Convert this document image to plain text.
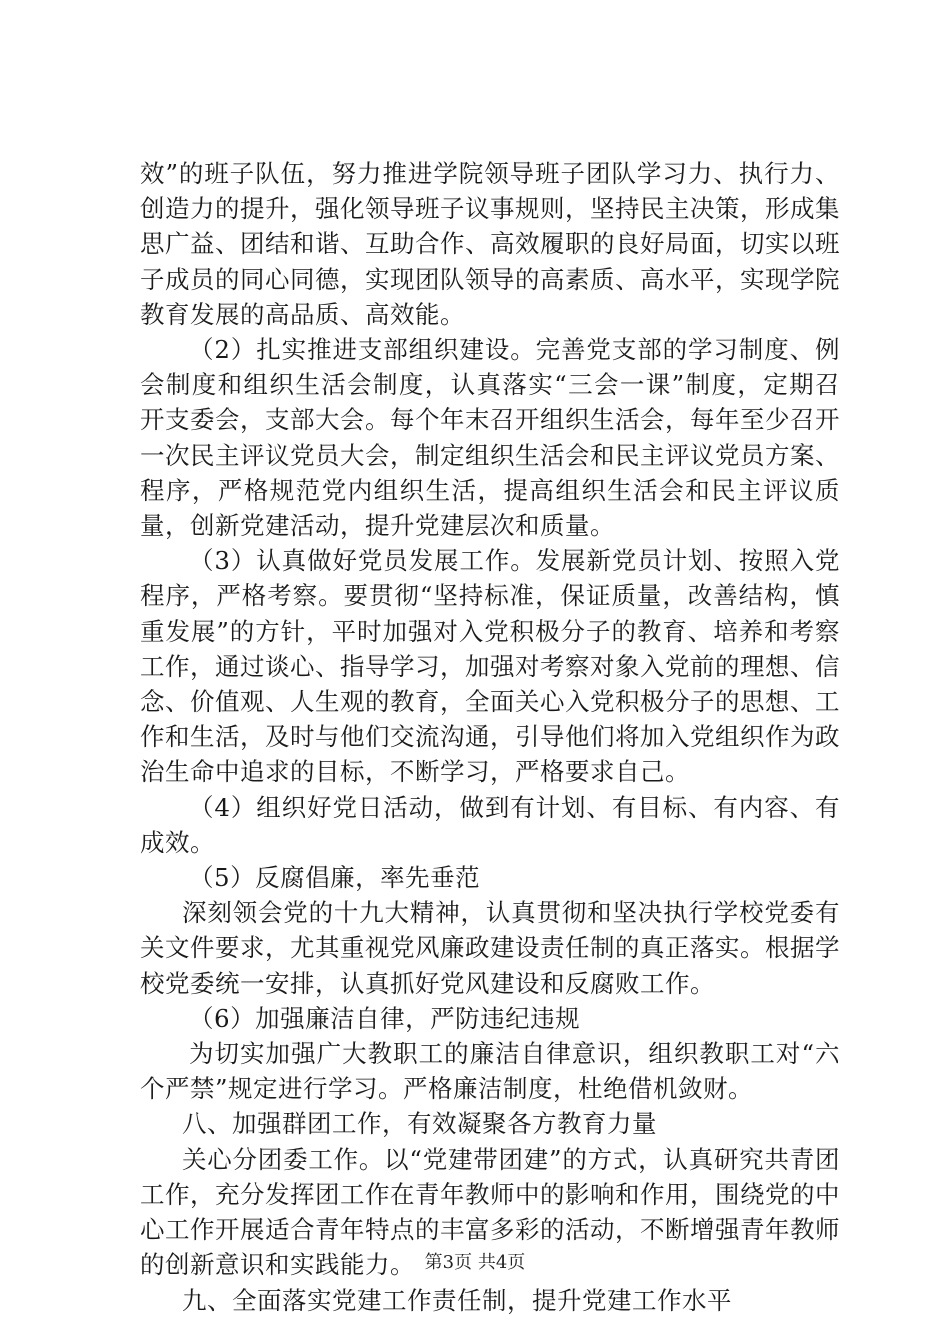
效”的班子队伍，努力推进学院领导班子团队学习力、执行力、创造力的提升，强化领导班子议事规则，坚持民主决策，形成集思广益、团结和谐、互助合作、高效履职的良好局面，切实以班子成员的同心同德，实现团队领导的高素质、高水平，实现学院教育发展的高品质、高效能。

（2）扎实推进支部组织建设。完善党支部的学习制度、例会制度和组织生活会制度，认真落实“三会一课”制度，定期召开支委会，支部大会。每个年末召开组织生活会，每年至少召开一次民主评议党员大会，制定组织生活会和民主评议党员方案、程序，严格规范党内组织生活，提高组织生活会和民主评议质量，创新党建活动，提升党建层次和质量。

（3）认真做好党员发展工作。发展新党员计划、按照入党程序，严格考察。要贯彻“坚持标准，保证质量，改善结构，慎重发展”的方针，平时加强对入党积极分子的教育、培养和考察工作，通过谈心、指导学习，加强对考察对象入党前的理想、信念、价值观、人生观的教育，全面关心入党积极分子的思想、工作和生活，及时与他们交流沟通，引导他们将加入党组织作为政治生命中追求的目标，不断学习，严格要求自己。

（4）组织好党日活动，做到有计划、有目标、有内容、有成效。

（5）反腐倡廉，率先垂范

深刻领会党的十九大精神，认真贯彻和坚决执行学校党委有关文件要求，尤其重视党风廉政建设责任制的真正落实。根据学校党委统一安排，认真抓好党风建设和反腐败工作。

（6）加强廉洁自律，严防违纪违规

为切实加强广大教职工的廉洁自律意识，组织教职工对“六个严禁”规定进行学习。严格廉洁制度，杜绝借机敛财。

八、加强群团工作，有效凝聚各方教育力量

关心分团委工作。以“党建带团建”的方式，认真研究共青团工作，充分发挥团工作在青年教师中的影响和作用，围绕党的中心工作开展适合青年特点的丰富多彩的活动，不断增强青年教师的创新意识和实践能力。

九、全面落实党建工作责任制，提升党建工作水平

第3页 共4页
